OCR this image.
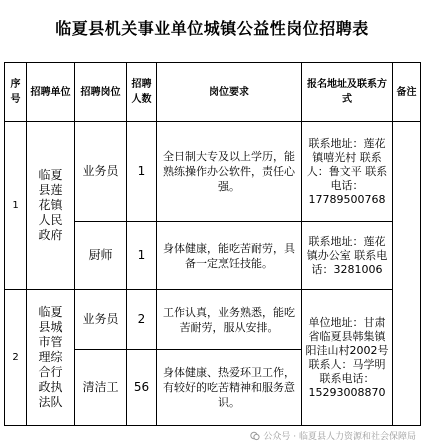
临夏县机关事业单位城镇公益性岗位招聘表
序号	招聘单位	招聘岗位	招聘人数	岗位要求	报名地址及联系方式	备注
1	临夏县莲花镇人民政府	业务员	1	全日制大专及以上学历，能熟练操作办公软件，责任心强。	联系地址：莲花镇嘻光村 联系人：鲁文平 联系电话：17789500768	
		厨师	1	身体健康，能吃苦耐劳，具备一定烹饪技能。	联系地址：莲花镇办公室 联系电话：3281006	
2	临夏县城市管理综合行政执法队	业务员	2	工作认真，业务熟悉，能吃苦耐劳，服从安排。	单位地址：甘肃省临夏县韩集镇阳洼山村2002号 联系人：马学明 联系电话：15293008870	
		清洁工	56	身体健康、热爱环卫工作，有较好的吃苦精神和服务意识。		
公众号 · 临夏县人力资源和社会保障局
